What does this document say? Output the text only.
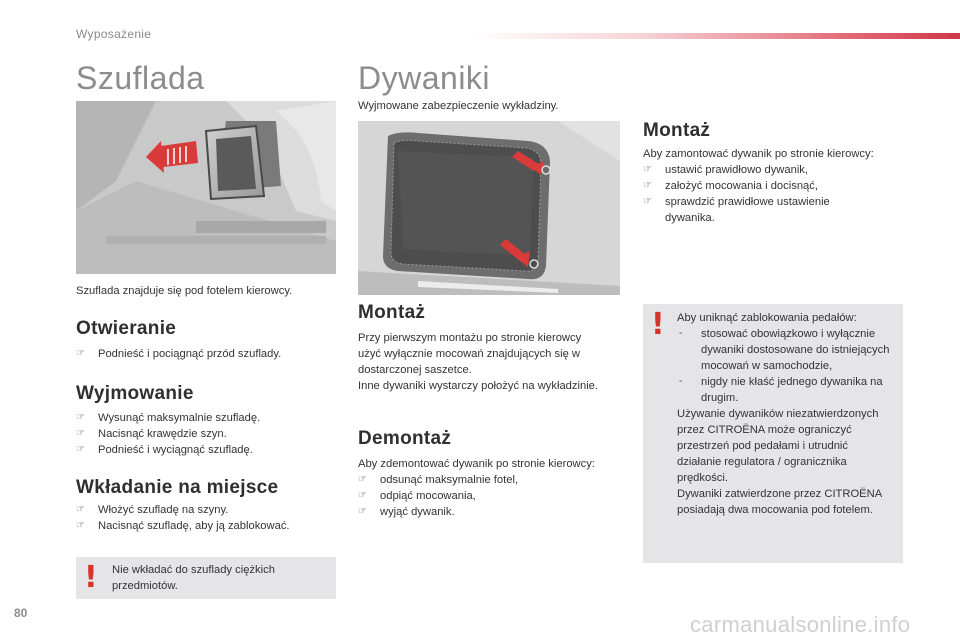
Wyposażenie
Szuflada
Szuflada znajduje się pod fotelem kierowcy.
Otwieranie
☞ Podnieść i pociągnąć przód szuflady.
Wyjmowanie
☞ Wysunąć maksymalnie szufladę.
☞ Nacisnąć krawędzie szyn.
☞ Podnieść i wyciągnąć szufladę.
Wkładanie na miejsce
☞ Włożyć szufladę na szyny.
☞ Nacisnąć szufladę, aby ją zablokować.
! Nie wkładać do szuflady ciężkich przedmiotów.
Dywaniki
Wyjmowane zabezpieczenie wykładziny.
Montaż
Przy pierwszym montażu po stronie kierowcy
użyć wyłącznie mocowań znajdujących się w
dostarczonej saszetce.
Inne dywaniki wystarczy położyć na wykładzinie.
Demontaż
Aby zdemontować dywanik po stronie kierowcy:
☞ odsunąć maksymalnie fotel,
☞ odpiąć mocowania,
☞ wyjąć dywanik.
Montaż
Aby zamontować dywanik po stronie kierowcy:
☞ ustawić prawidłowo dywanik,
☞ założyć mocowania i docisnąć,
☞ sprawdzić prawidłowe ustawienie dywanika.
! Aby uniknąć zablokowania pedałów:
- stosować obowiązkowo i wyłącznie dywaniki dostosowane do istniejących mocowań w samochodzie,
- nigdy nie kłaść jednego dywanika na drugim.
Używanie dywaników niezatwierdzonych przez CITROËNA może ograniczyć przestrzeń pod pedałami i utrudnić działanie regulatora / ogranicznika prędkości.
Dywaniki zatwierdzone przez CITROËNA posiadają dwa mocowania pod fotelem.
80	carmanualsonline.info
